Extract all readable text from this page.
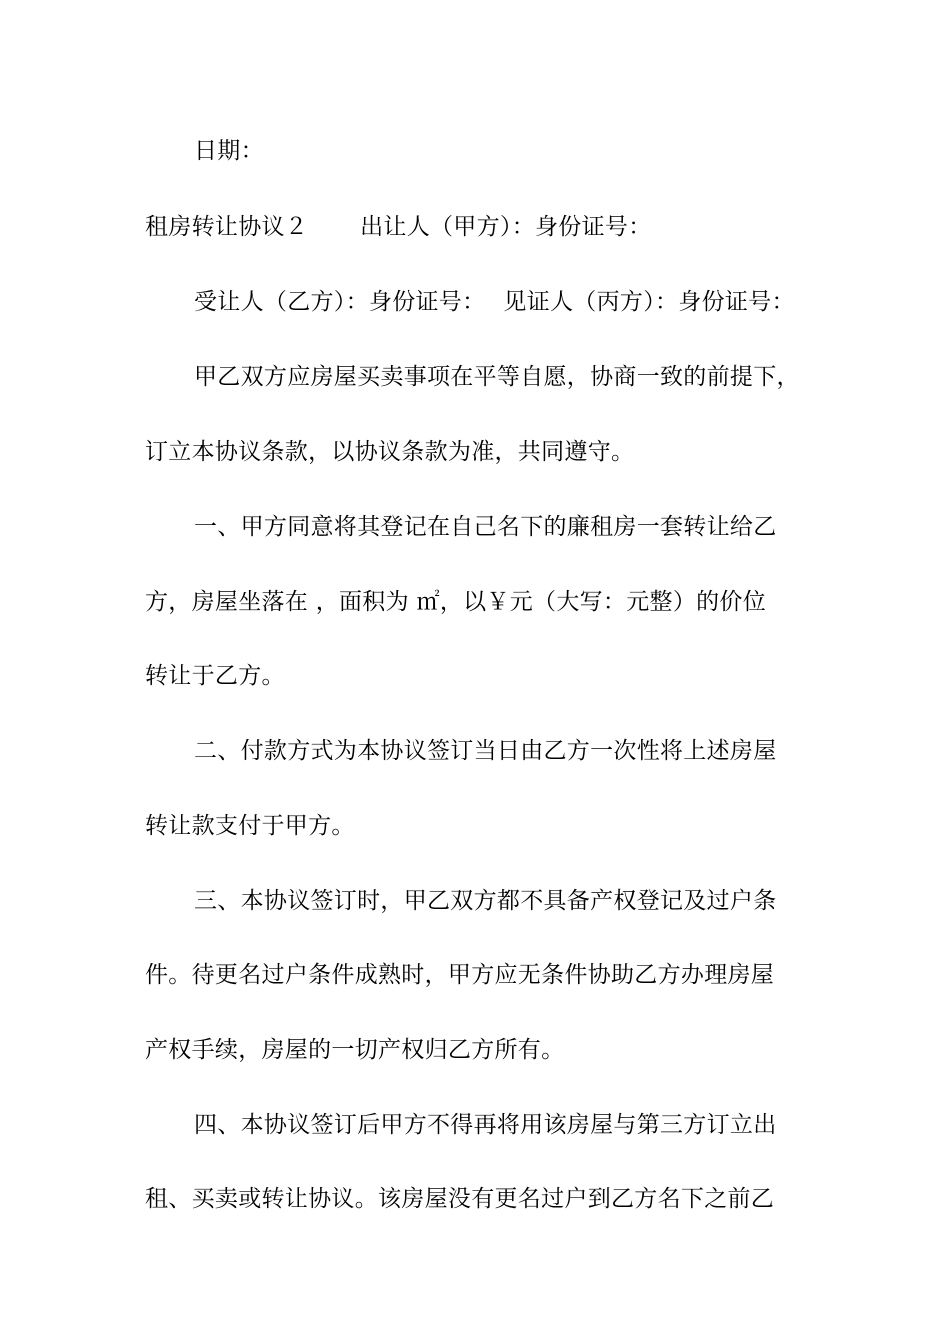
日期：
租房转让协议２ 出让人（甲方）：身份证号：
受让人（乙方）：身份证号： 见证人（丙方）：身份证号：
甲乙双方应房屋买卖事项在平等自愿，协商一致的前提下，
订立本协议条款，以协议条款为准，共同遵守。
一、甲方同意将其登记在自己名下的廉租房一套转让给乙
方，房屋坐落在 ，面积为 ㎡，以￥元（大写：元整）的价位
转让于乙方。
二、付款方式为本协议签订当日由乙方一次性将上述房屋
转让款支付于甲方。
三、本协议签订时，甲乙双方都不具备产权登记及过户条
件。待更名过户条件成熟时，甲方应无条件协助乙方办理房屋
产权手续，房屋的一切产权归乙方所有。
四、本协议签订后甲方不得再将用该房屋与第三方订立出
租、买卖或转让协议。该房屋没有更名过户到乙方名下之前乙
